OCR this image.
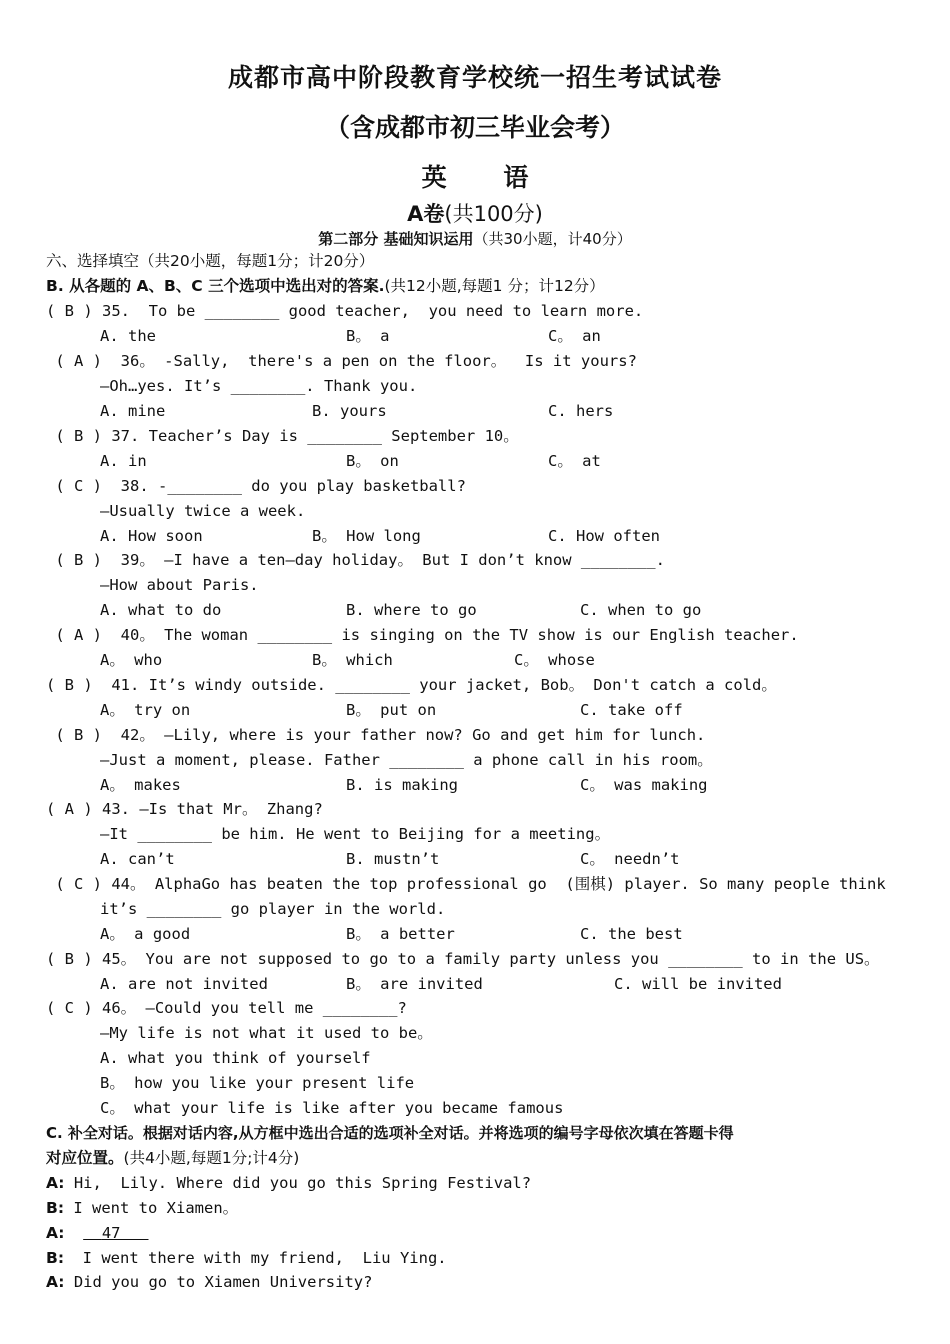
成都市高中阶段教育学校统一招生考试试卷
（含成都市初三毕业会考）
英 语
A卷(共100分)
第二部分 基础知识运用（共30小题，计40分）
六、选择填空（共20小题，每题1分；计20分）
B. 从各题的 A、B、C 三个选项中选出对的答案.(共12小题,每题1 分；计12分）
( B ) 35.  To be ________ good teacher,  you need to learn more.
A. the	B。 a	C。 an
( A )  36。 -Sally,  there's a pen on the floor。  Is it yours?
—Oh…yes. It’s ________. Thank you.
A. mine	B. yours	C. hers
( B ) 37. Teacher’s Day is ________ September 10。
A. in	B。 on	C。 at
( C )  38. -________ do you play basketball?
—Usually twice a week.
A. How soon	B。 How long	C. How often
( B )  39。 —I have a ten—day holiday。 But I don’t know ________.
—How about Paris.
A. what to do	B. where to go	C. when to go
( A )  40。 The woman ________ is singing on the TV show is our English teacher.
A。 who	B。 which	C。 whose
( B )  41. It’s windy outside. ________ your jacket, Bob。 Don't catch a cold。
A。 try on	B。 put on	C. take off
( B )  42。 —Lily, where is your father now? Go and get him for lunch.
—Just a moment, please. Father ________ a phone call in his room。
A。 makes	B. is making	C。 was making
( A ) 43. —Is that Mr。 Zhang?
—It ________ be him. He went to Beijing for a meeting。
A. can’t	B. mustn’t	C。 needn’t
( C ) 44。 AlphaGo has beaten the top professional go  (围棋) player. So many people think
it’s ________ go player in the world.
A。 a good	B。 a better	C. the best
( B ) 45。 You are not supposed to go to a family party unless you ________ to in the US。
A. are not invited	B。 are invited	C. will be invited
( C ) 46。 —Could you tell me ________?
—My life is not what it used to be。
A. what you think of yourself
B。 how you like your present life
C。 what your life is like after you became famous
C. 补全对话。根据对话内容,从方框中选出合适的选项补全对话。并将选项的编号字母依次填在答题卡得
对应位置。(共4小题,每题1分;计4分)
A: Hi,  Lily. Where did you go this Spring Festival?
B: I went to Xiamen。
A: 47
B:  I went there with my friend,  Liu Ying.
A: Did you go to Xiamen University?
